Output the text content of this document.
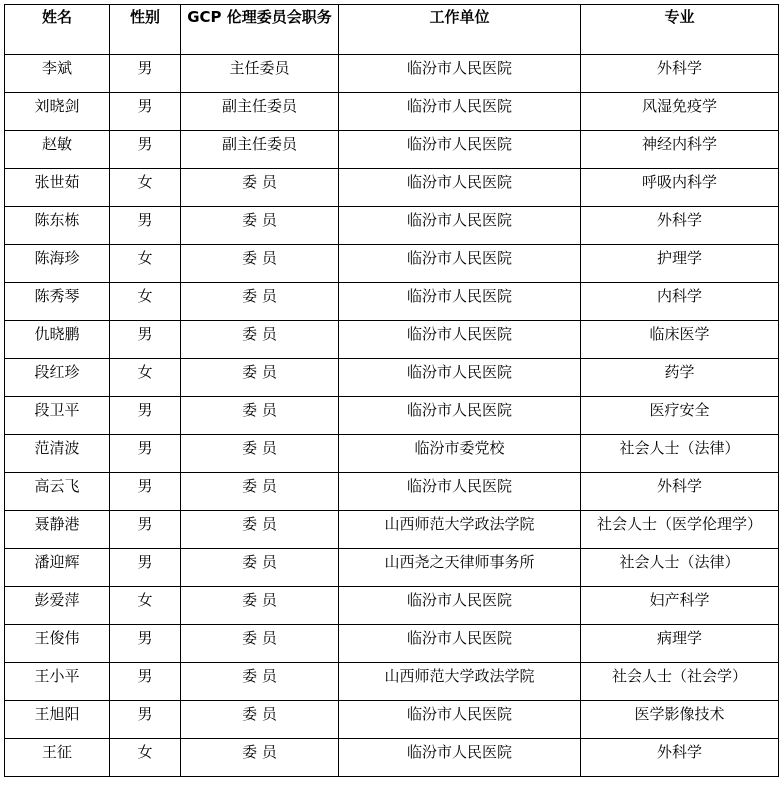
姓名	性别	GCP 伦理委员会职务	工作单位	专业
李斌	男	主任委员	临汾市人民医院	外科学
刘晓剑	男	副主任委员	临汾市人民医院	风湿免疫学
赵敏	男	副主任委员	临汾市人民医院	神经内科学
张世茹	女	委 员	临汾市人民医院	呼吸内科学
陈东栋	男	委 员	临汾市人民医院	外科学
陈海珍	女	委 员	临汾市人民医院	护理学
陈秀琴	女	委 员	临汾市人民医院	内科学
仇晓鹏	男	委 员	临汾市人民医院	临床医学
段红珍	女	委 员	临汾市人民医院	药学
段卫平	男	委 员	临汾市人民医院	医疗安全
范清波	男	委 员	临汾市委党校	社会人士（法律）
高云飞	男	委 员	临汾市人民医院	外科学
聂静港	男	委 员	山西师范大学政法学院	社会人士（医学伦理学）
潘迎辉	男	委 员	山西尧之天律师事务所	社会人士（法律）
彭爱萍	女	委 员	临汾市人民医院	妇产科学
王俊伟	男	委 员	临汾市人民医院	病理学
王小平	男	委 员	山西师范大学政法学院	社会人士（社会学）
王旭阳	男	委 员	临汾市人民医院	医学影像技术
王征	女	委 员	临汾市人民医院	外科学
